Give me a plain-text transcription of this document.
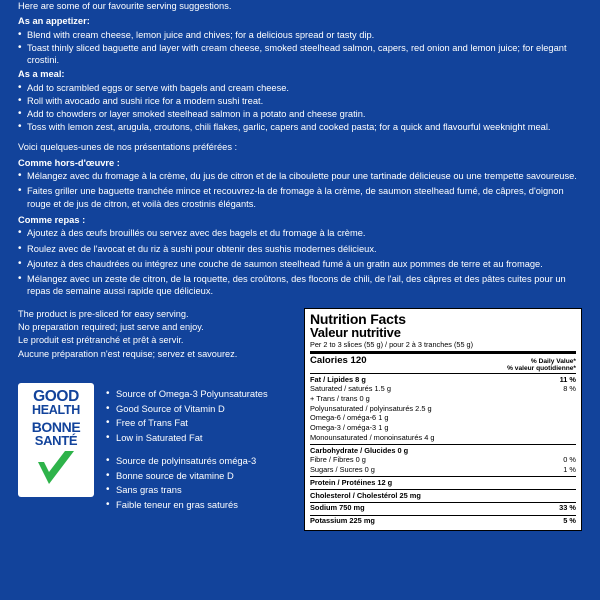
Here are some of our favourite serving suggestions.

As an appetizer:
• Blend with cream cheese, lemon juice and chives; for a delicious spread or tasty dip.
• Toast thinly sliced baguette and layer with cream cheese, smoked steelhead salmon, capers, red onion and lemon juice; for elegant crostini.
As a meal:
• Add to scrambled eggs or serve with bagels and cream cheese.
• Roll with avocado and sushi rice for a modern sushi treat.
• Add to chowders or layer smoked steelhead salmon in a potato and cheese gratin.
• Toss with lemon zest, arugula, croutons, chili flakes, garlic, capers and cooked pasta; for a quick and flavourful weeknight meal.

Voici quelques-unes de nos présentations préférées :

Comme hors-d'œuvre :
• Mélangez avec du fromage à la crème, du jus de citron et de la ciboulette pour une tartinade délicieuse ou une trempette savoureuse.
• Faites griller une baguette tranchée mince et recouvrez-la de fromage à la crème, de saumon steelhead fumé, de câpres, d'oignon rouge et de jus de citron, et voilà des crostinis élégants.
Comme repas :
• Ajoutez à des œufs brouillés ou servez avec des bagels et du fromage à la crème.
• Roulez avec de l'avocat et du riz à sushi pour obtenir des sushis modernes délicieux.
• Ajoutez à des chaudrées ou intégrez une couche de saumon steelhead fumé à un gratin aux pommes de terre et au fromage.
• Mélangez avec un zeste de citron, de la roquette, des croûtons, des flocons de chili, de l'ail, des câpres et des pâtes cuites pour un repas de semaine aussi rapide que délicieux.
The product is pre-sliced for easy serving.
No preparation required; just serve and enjoy.
Le produit est prétranché et prêt à servir.
Aucune préparation n'est requise; servez et savourez.
GOOD
HEALTH
BONNE
SANTÉ
• Source of Omega-3 Polyunsaturates
• Good Source of Vitamin D
• Free of Trans Fat
• Low in Saturated Fat
• Source de polyinsaturés oméga-3
• Bonne source de vitamine D
• Sans gras trans
• Faible teneur en gras saturés
Nutrition Facts
Valeur nutritive
Per 2 to 3 slices (55 g) / pour 2 à 3 tranches (55 g)
Calories 120	% Daily Value*
% valeur quotidienne*
Fat / Lipides 8 g	11 %
Saturated / saturés 1.5 g	8 %
+ Trans / trans 0 g
Polyunsaturated / polyinsaturés 2.5 g
Omega-6 / oméga-6 1 g
Omega-3 / oméga-3 1 g
Monounsaturated / monoinsaturés 4 g
Carbohydrate / Glucides 0 g
Fibre / Fibres 0 g	0 %
Sugars / Sucres 0 g	1 %
Protein / Protéines 12 g
Cholesterol / Cholestérol 25 mg
Sodium 750 mg	33 %
Potassium 225 mg	5 %
